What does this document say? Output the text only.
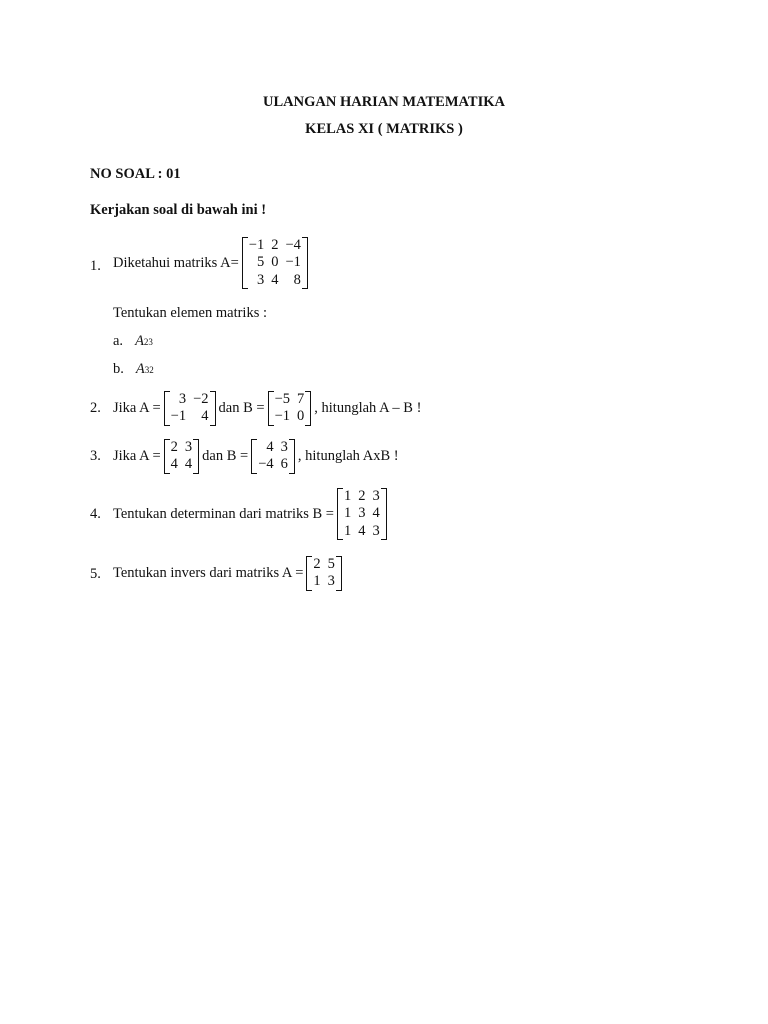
ULANGAN HARIAN MATEMATIKA
KELAS XI ( MATRIKS )
NO SOAL : 01
Kerjakan soal di bawah ini !
1. Diketahui matriks A=
−1 2 −4
5 0 −1
3 4	8
Tentukan elemen matriks :
a. A 23
b. A 32
2. Jika A =
3 −2
−1	4
dan B =
−5 7
−1 0
, hitunglah A – B !
3. Jika A =
2 3
4 4
dan B =
4 3
−4 6
, hitunglah AxB !
4. Tentukan determinan dari matriks B =
1 2 3
1 3 4
1 4 3
5. Tentukan invers dari matriks A =
2 5
1 3
